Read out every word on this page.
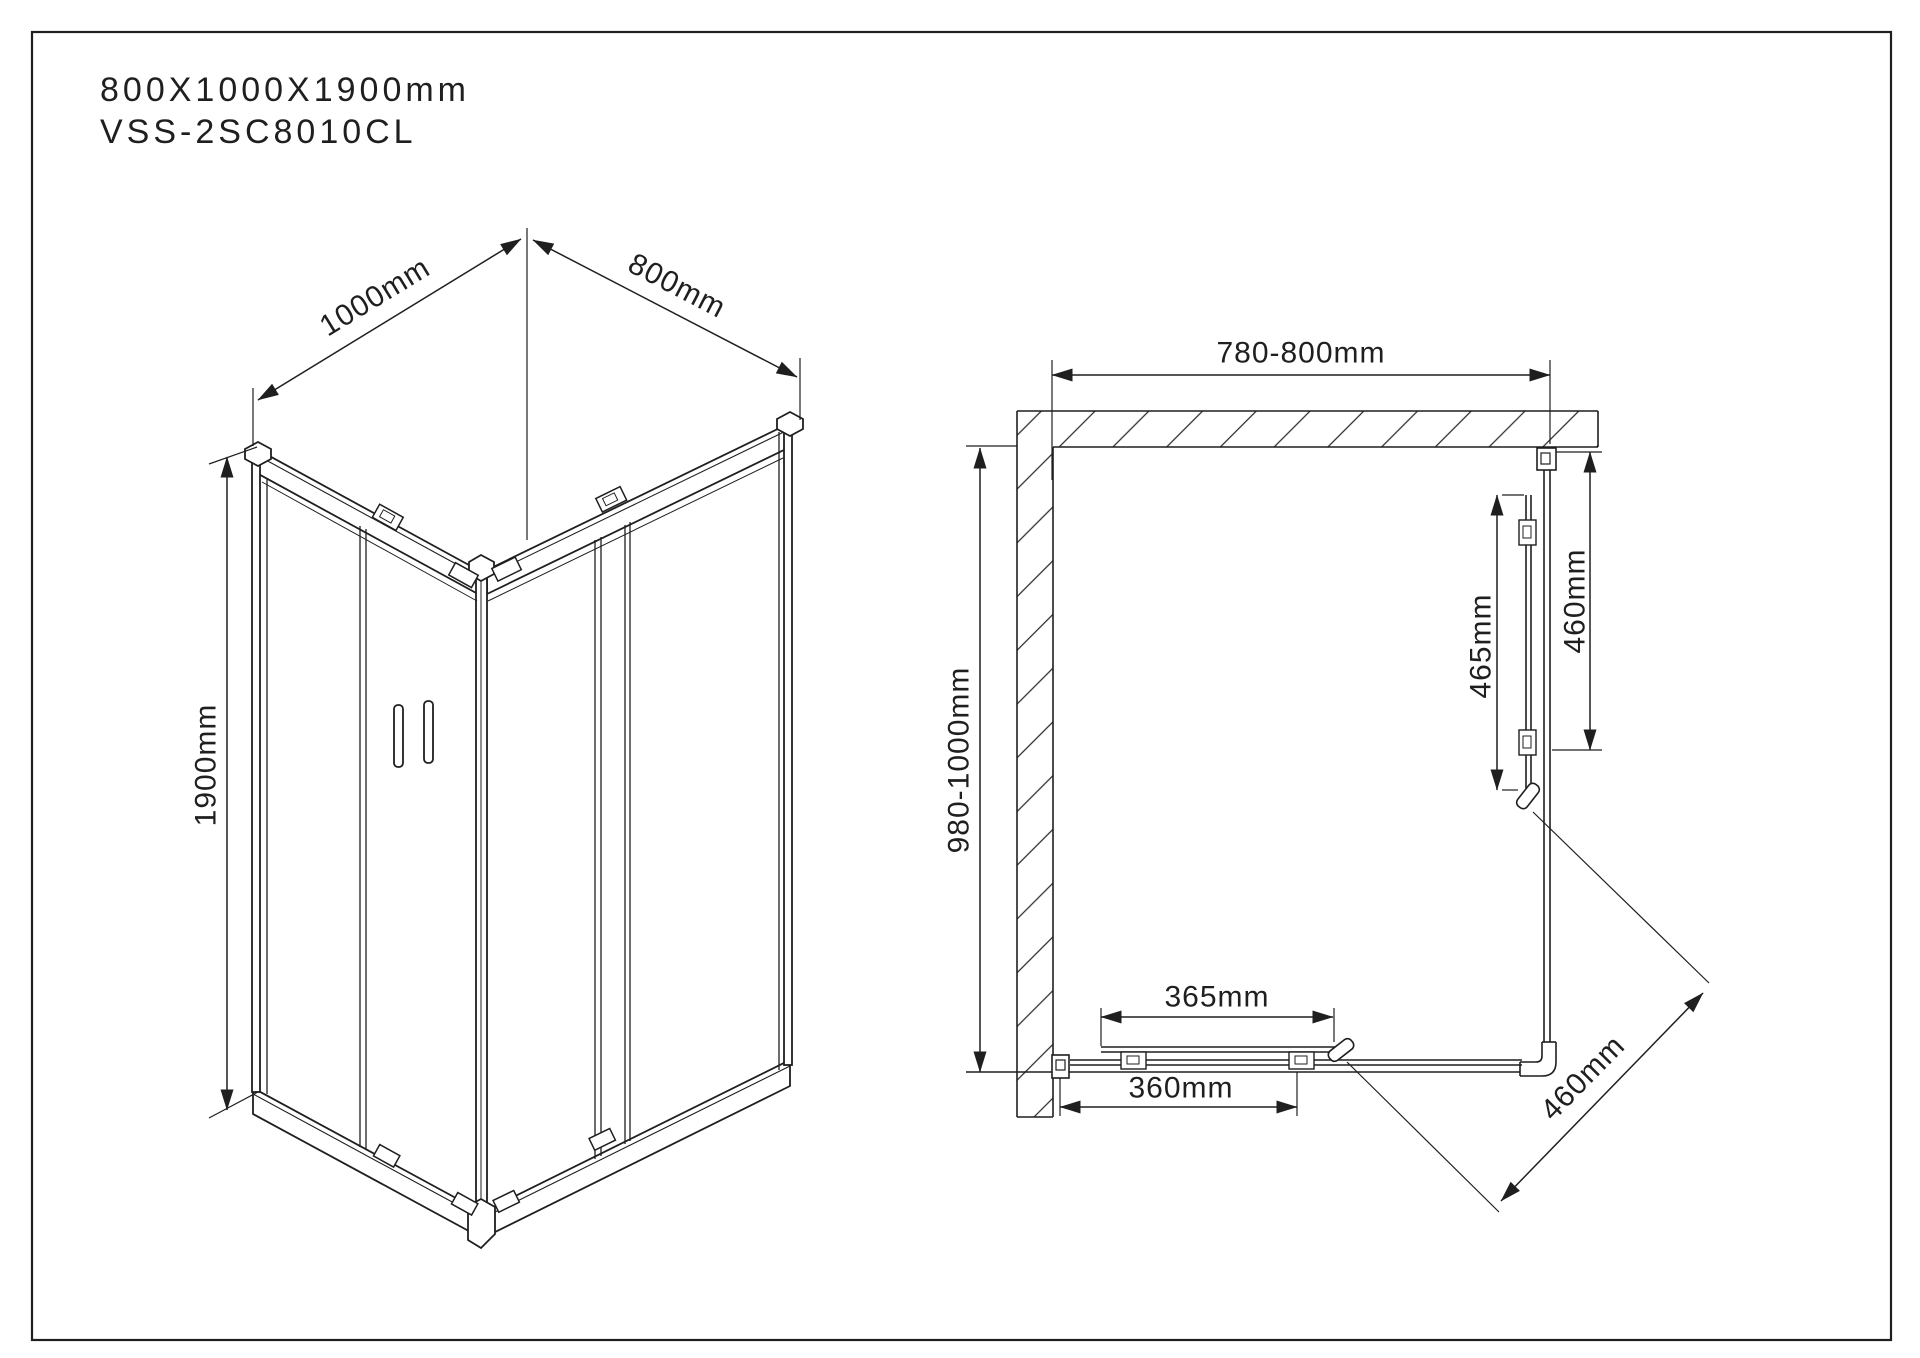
800X1000X1900mm
VSS-2SC8010CL
1000mm	800mm
1900mm
780-800mm
980-1000mm
460mm
465mm
365mm
360mm	460mm
